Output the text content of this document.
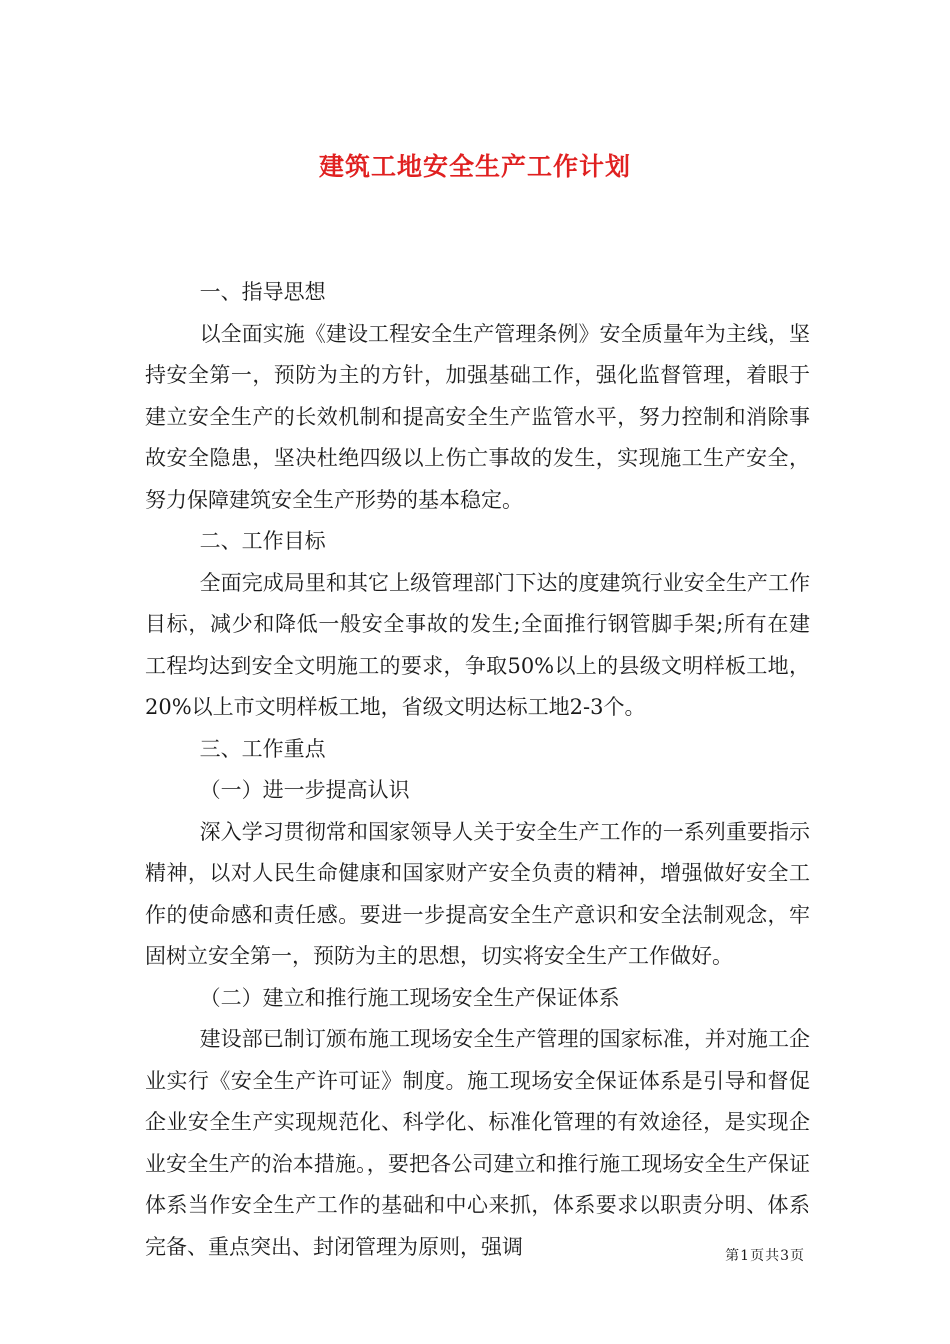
建筑工地安全生产工作计划

一、指导思想

以全面实施《建设工程安全生产管理条例》安全质量年为主线，坚持安全第一，预防为主的方针，加强基础工作，强化监督管理，着眼于建立安全生产的长效机制和提高安全生产监管水平，努力控制和消除事故安全隐患，坚决杜绝四级以上伤亡事故的发生，实现施工生产安全，努力保障建筑安全生产形势的基本稳定。

二、工作目标

全面完成局里和其它上级管理部门下达的度建筑行业安全生产工作目标，减少和降低一般安全事故的发生;全面推行钢管脚手架;所有在建工程均达到安全文明施工的要求，争取50%以上的县级文明样板工地，20%以上市文明样板工地，省级文明达标工地2-3个。

三、工作重点

（一）进一步提高认识

深入学习贯彻常和国家领导人关于安全生产工作的一系列重要指示精神，以对人民生命健康和国家财产安全负责的精神，增强做好安全工作的使命感和责任感。要进一步提高安全生产意识和安全法制观念，牢固树立安全第一，预防为主的思想，切实将安全生产工作做好。

（二）建立和推行施工现场安全生产保证体系

建设部已制订颁布施工现场安全生产管理的国家标准，并对施工企业实行《安全生产许可证》制度。施工现场安全保证体系是引导和督促企业安全生产实现规范化、科学化、标准化管理的有效途径，是实现企业安全生产的治本措施。，要把各公司建立和推行施工现场安全生产保证体系当作安全生产工作的基础和中心来抓，体系要求以职责分明、体系完备、重点突出、封闭管理为原则，强调	第1页共3页
